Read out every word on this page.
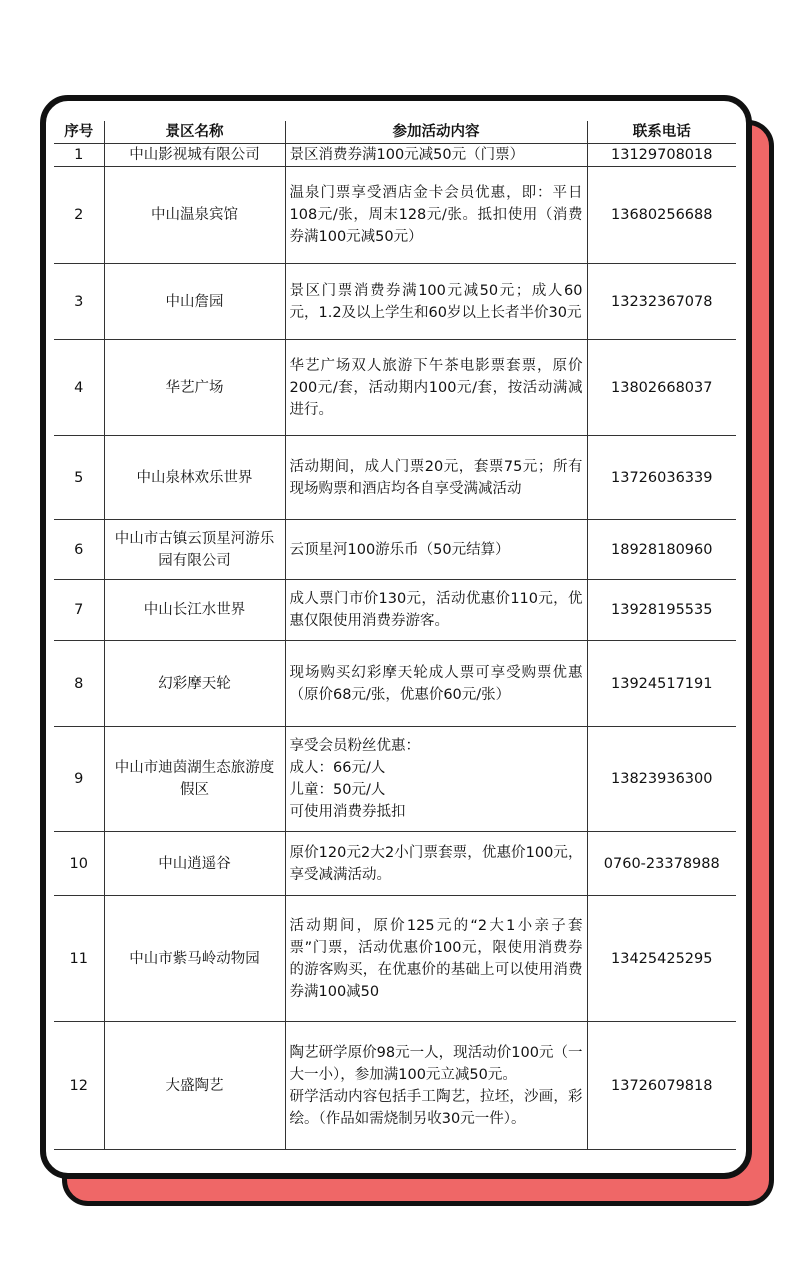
序号	景区名称	参加活动内容	联系电话
1	中山影视城有限公司	景区消费券满100元减50元（门票）	13129708018
2	中山温泉宾馆	温泉门票享受酒店金卡会员优惠，即：平日108元/张，周末128元/张。抵扣使用（消费券满100元减50元）	13680256688
3	中山詹园	景区门票消费券满100元减50元；成人60元，1.2及以上学生和60岁以上长者半价30元	13232367078
4	华艺广场	华艺广场双人旅游下午茶电影票套票，原价200元/套，活动期内100元/套，按活动满减进行。	13802668037
5	中山泉林欢乐世界	活动期间，成人门票20元，套票75元；所有现场购票和酒店均各自享受满减活动	13726036339
6	中山市古镇云顶星河游乐园有限公司	云顶星河100游乐币（50元结算）	18928180960
7	中山长江水世界	成人票门市价130元，活动优惠价110元，优惠仅限使用消费券游客。	13928195535
8	幻彩摩天轮	现场购买幻彩摩天轮成人票可享受购票优惠（原价68元/张，优惠价60元/张）	13924517191
9	中山市迪茵湖生态旅游度假区	享受会员粉丝优惠：
成人：66元/人
儿童：50元/人
可使用消费券抵扣	13823936300
10	中山逍遥谷	原价120元2大2小门票套票，优惠价100元，享受减满活动。	0760-23378988
11	中山市紫马岭动物园	活动期间，原价125元的“2大1小亲子套票”门票，活动优惠价100元，限使用消费券的游客购买，在优惠价的基础上可以使用消费券满100减50	13425425295
12	大盛陶艺	陶艺研学原价98元一人，现活动价100元（一大一小），参加满100元立减50元。
研学活动内容包括手工陶艺，拉坯，沙画，彩绘。（作品如需烧制另收30元一件）。	13726079818
